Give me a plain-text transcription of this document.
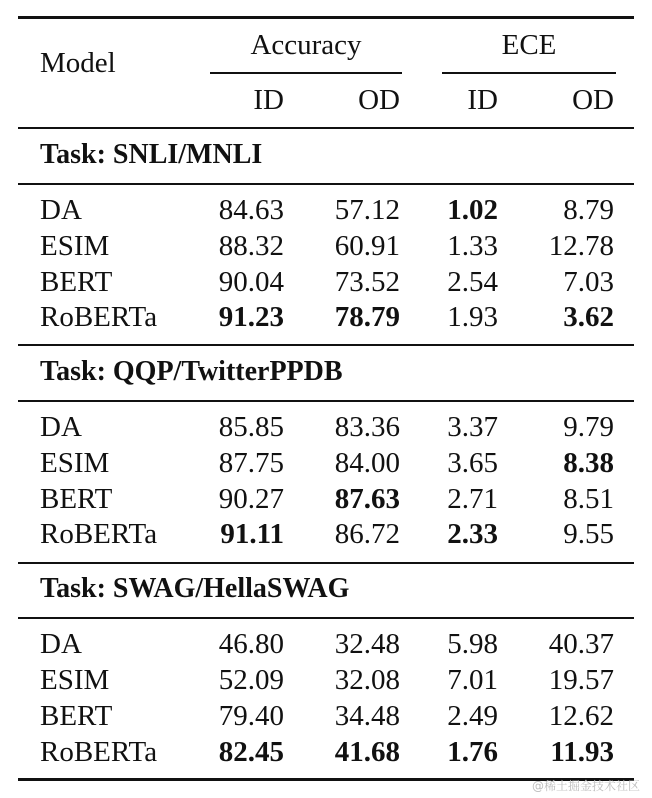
Model
Accuracy	ECE
ID	OD	ID	OD
Task: SNLI/MNLI
DA	84.63	57.12	1.02	8.79
ESIM	88.32	60.91	1.33	12.78
BERT	90.04	73.52	2.54	7.03
RoBERTa	91.23	78.79	1.93	3.62
Task: QQP/TwitterPPDB
DA	85.85	83.36	3.37	9.79
ESIM	87.75	84.00	3.65	8.38
BERT	90.27	87.63	2.71	8.51
RoBERTa	91.11	86.72	2.33	9.55
Task: SWAG/HellaSWAG
DA	46.80	32.48	5.98	40.37
ESIM	52.09	32.08	7.01	19.57
BERT	79.40	34.48	2.49	12.62
RoBERTa	82.45	41.68	1.76	11.93
@稀土掘金技术社区
